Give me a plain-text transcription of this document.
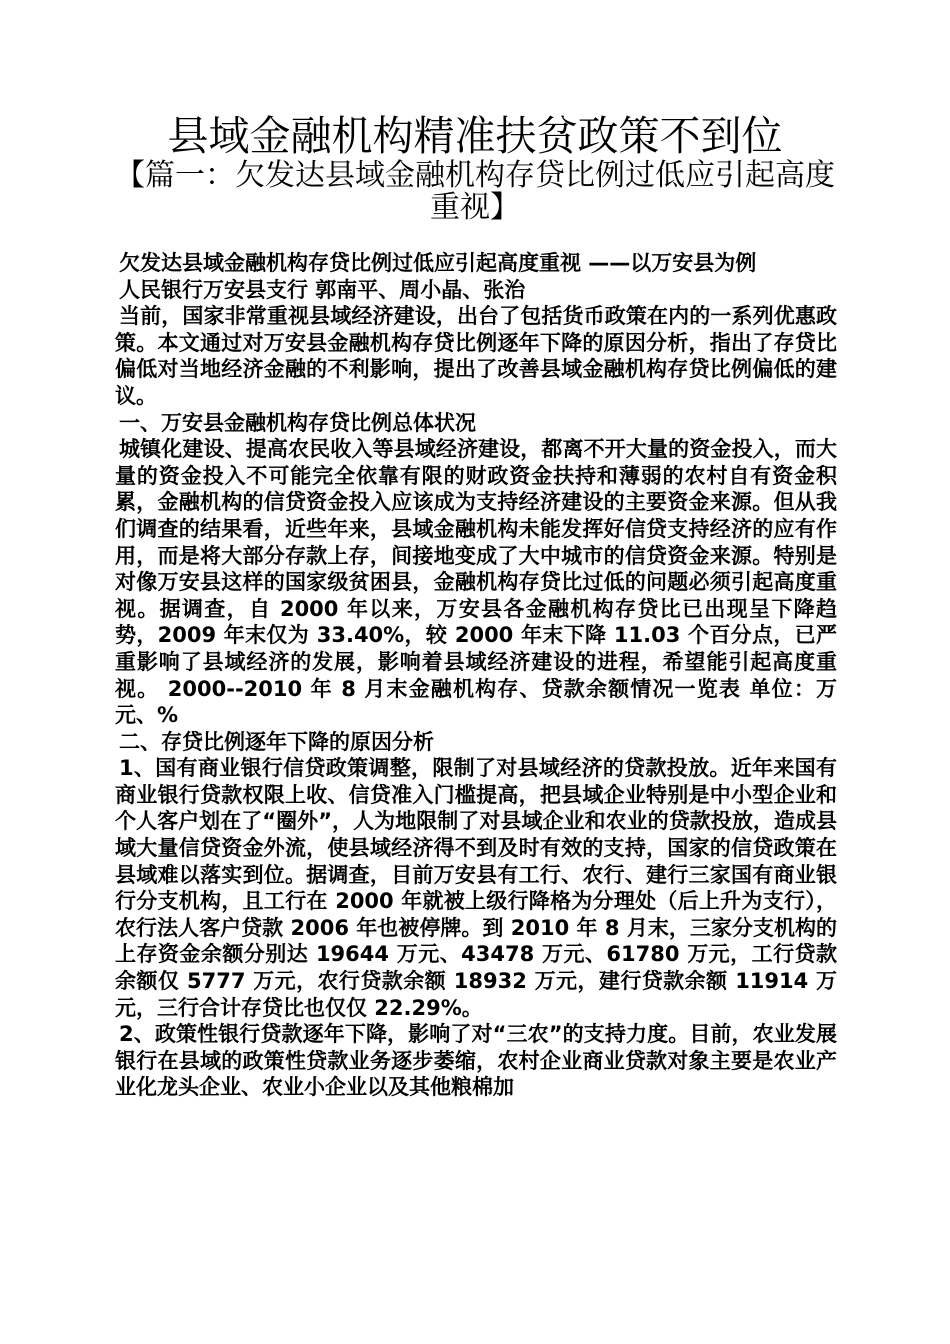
县域金融机构精准扶贫政策不到位
【篇一：欠发达县域金融机构存贷比例过低应引起高度重视】

欠发达县域金融机构存贷比例过低应引起高度重视 ——以万安县为例

人民银行万安县支行 郭南平、周小晶、张治

当前，国家非常重视县域经济建设，出台了包括货币政策在内的一系列优惠政策。本文通过对万安县金融机构存贷比例逐年下降的原因分析，指出了存贷比偏低对当地经济金融的不利影响，提出了改善县域金融机构存贷比例偏低的建议。

一、万安县金融机构存贷比例总体状况

城镇化建设、提高农民收入等县域经济建设，都离不开大量的资金投入，而大量的资金投入不可能完全依靠有限的财政资金扶持和薄弱的农村自有资金积累，金融机构的信贷资金投入应该成为支持经济建设的主要资金来源。但从我们调查的结果看，近些年来，县域金融机构未能发挥好信贷支持经济的应有作用，而是将大部分存款上存，间接地变成了大中城市的信贷资金来源。特别是对像万安县这样的国家级贫困县，金融机构存贷比过低的问题必须引起高度重视。据调查，自 2000 年以来，万安县各金融机构存贷比已出现呈下降趋势，2009 年末仅为 33.40%，较 2000 年末下降 11.03 个百分点，已严重影响了县域经济的发展，影响着县域经济建设的进程，希望能引起高度重视。 2000--2010 年 8 月末金融机构存、贷款余额情况一览表 单位：万元、%

二、存贷比例逐年下降的原因分析

1、国有商业银行信贷政策调整，限制了对县域经济的贷款投放。近年来国有商业银行贷款权限上收、信贷准入门槛提高，把县域企业特别是中小型企业和个人客户划在了“圈外”，人为地限制了对县域企业和农业的贷款投放，造成县域大量信贷资金外流，使县域经济得不到及时有效的支持，国家的信贷政策在县域难以落实到位。据调查，目前万安县有工行、农行、建行三家国有商业银行分支机构，且工行在 2000 年就被上级行降格为分理处（后上升为支行），农行法人客户贷款 2006 年也被停牌。到 2010 年 8 月末，三家分支机构的上存资金余额分别达 19644 万元、43478 万元、61780 万元，工行贷款余额仅 5777 万元，农行贷款余额 18932 万元，建行贷款余额 11914 万元，三行合计存贷比也仅仅 22.29%。

2、政策性银行贷款逐年下降，影响了对“三农”的支持力度。目前，农业发展银行在县域的政策性贷款业务逐步萎缩，农村企业商业贷款对象主要是农业产业化龙头企业、农业小企业以及其他粮棉加
